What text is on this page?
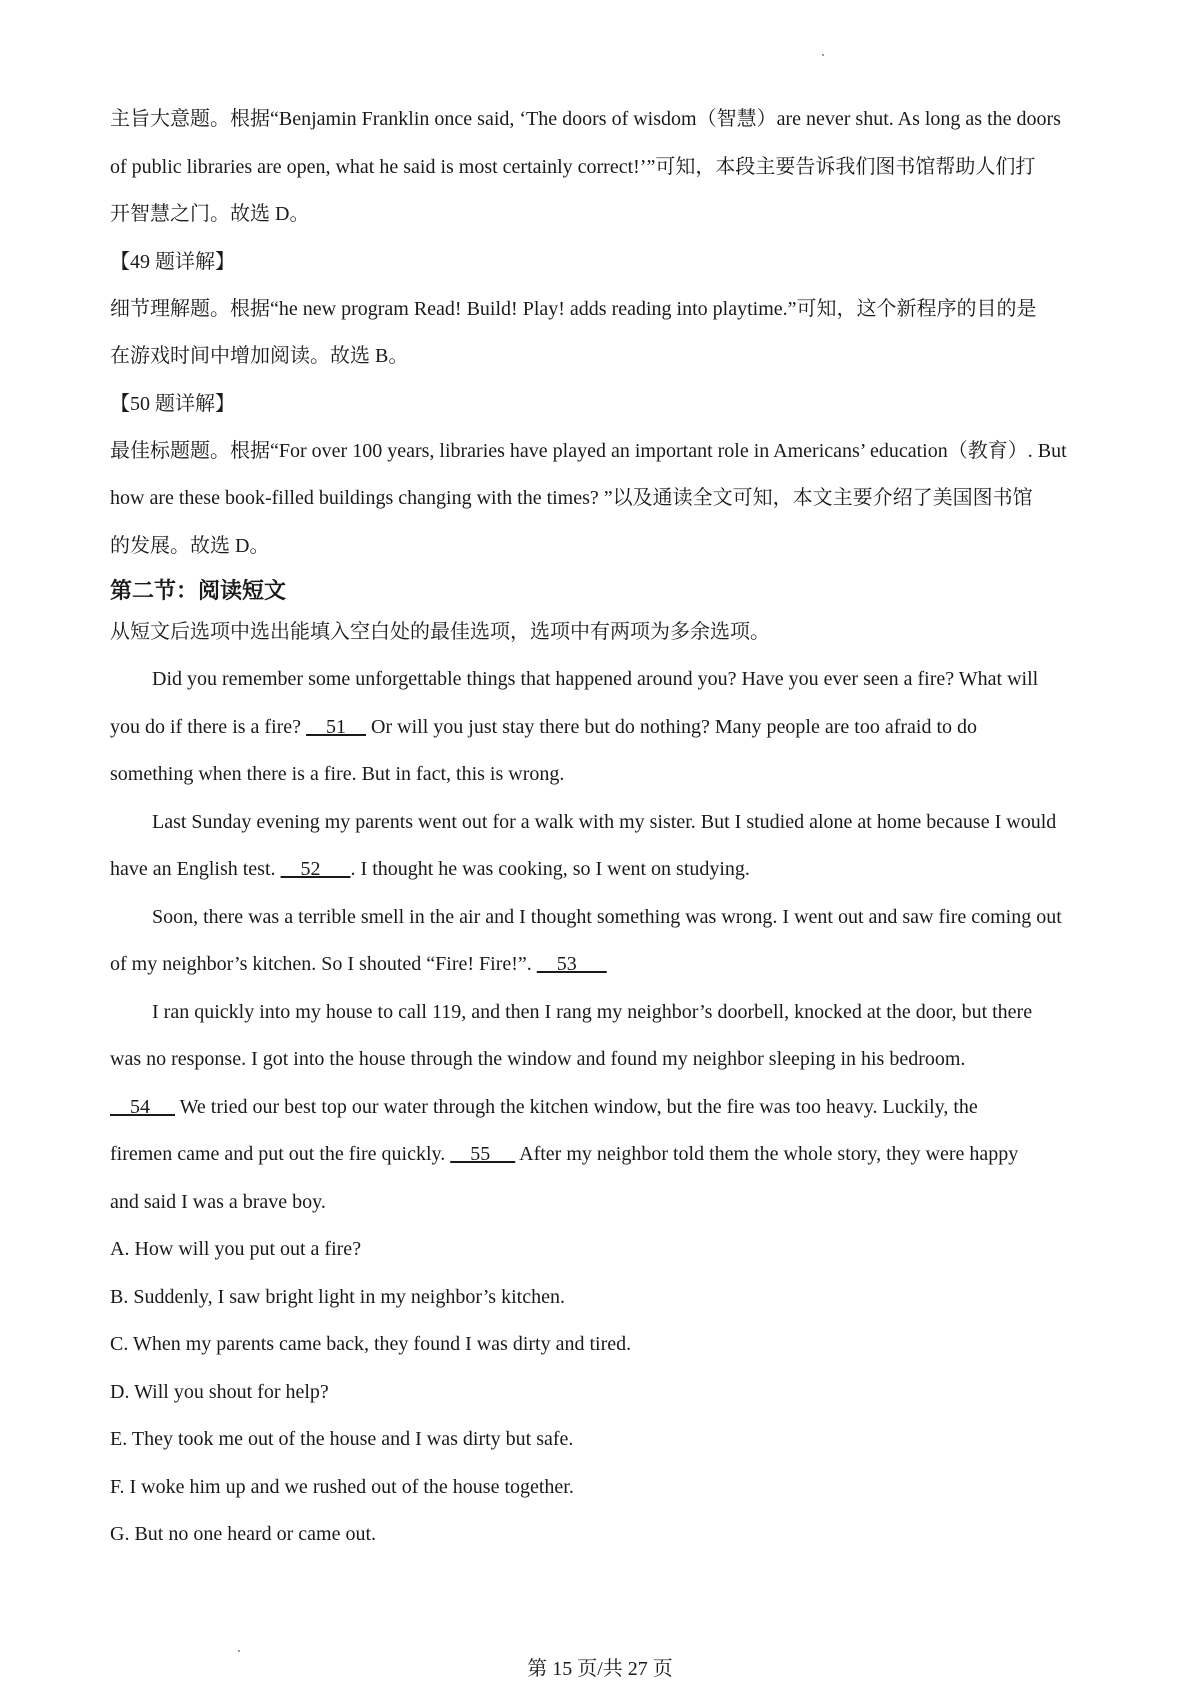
主旨大意题。根据“Benjamin Franklin once said, ‘The doors of wisdom（智慧）are never shut. As long as the doors

of public libraries are open, what he said is most certainly correct!’”可知，本段主要告诉我们图书馆帮助人们打

开智慧之门。故选 D。

【49 题详解】

细节理解题。根据“he new program Read! Build! Play! adds reading into playtime.”可知，这个新程序的目的是

在游戏时间中增加阅读。故选 B。

【50 题详解】

最佳标题题。根据“For over 100 years, libraries have played an important role in Americans’ education（教育）. But

how are these book-filled buildings changing with the times? ”以及通读全文可知，本文主要介绍了美国图书馆

的发展。故选 D。

第二节：阅读短文

从短文后选项中选出能填入空白处的最佳选项，选项中有两项为多余选项。

Did you remember some unforgettable things that happened around you? Have you ever seen a fire? What will

you do if there is a fire?     51     Or will you just stay there but do nothing? Many people are too afraid to do

something when there is a fire. But in fact, this is wrong.

Last Sunday evening my parents went out for a walk with my sister. But I studied alone at home because I would

have an English test.     52      . I thought he was cooking, so I went on studying.

Soon, there was a terrible smell in the air and I thought something was wrong. I went out and saw fire coming out

of my neighbor’s kitchen. So I shouted “Fire! Fire!”.     53

I ran quickly into my house to call 119, and then I rang my neighbor’s doorbell, knocked at the door, but there

was no response. I got into the house through the window and found my neighbor sleeping in his bedroom.

54      We tried our best top our water through the kitchen window, but the fire was too heavy. Luckily, the

firemen came and put out the fire quickly.     55      After my neighbor told them the whole story, they were happy

and said I was a brave boy.

A. How will you put out a fire?

B. Suddenly, I saw bright light in my neighbor’s kitchen.

C. When my parents came back, they found I was dirty and tired.

D. Will you shout for help?

E. They took me out of the house and I was dirty but safe.

F. I woke him up and we rushed out of the house together.

G. But no one heard or came out.

第 15 页/共 27 页
